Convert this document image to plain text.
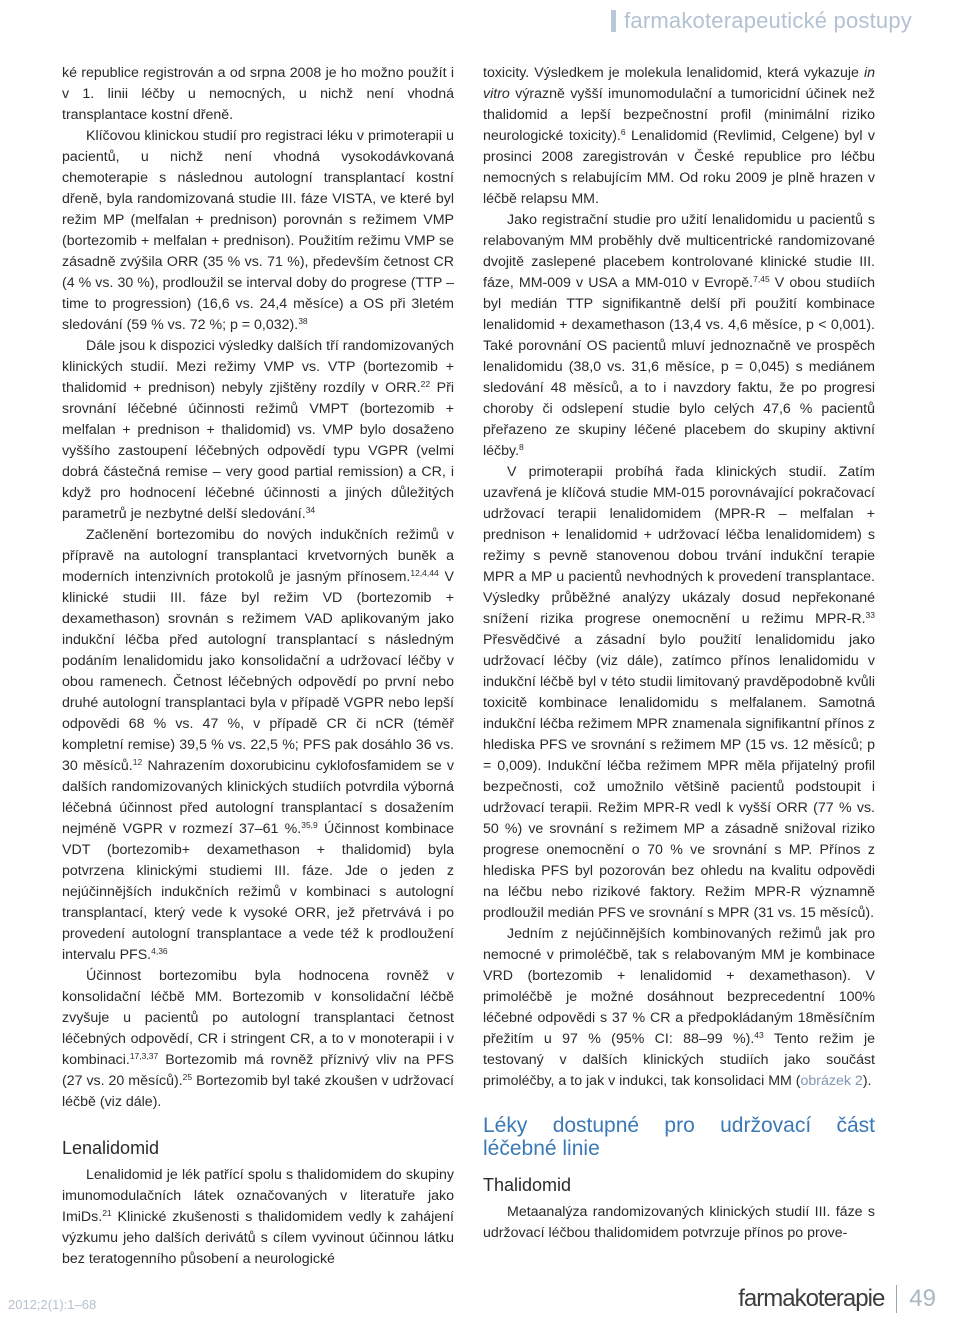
farmakoterapeutické postupy

ké republice registrován a od srpna 2008 je ho možno použít i v 1. linii léčby u nemocných, u nichž není vhodná transplantace kostní dřeně.

Klíčovou klinickou studií pro registraci léku v primoterapii u pacientů, u nichž není vhodná vysokodávkovaná chemoterapie s následnou autologní transplantací kostní dřeně, byla randomizovaná studie III. fáze VISTA, ve které byl režim MP (melfalan + prednison) porovnán s režimem VMP (bortezomib + melfalan + prednison). Použitím režimu VMP se zásadně zvýšila ORR (35 % vs. 71 %), především četnost CR (4 % vs. 30 %), prodloužil se interval doby do progrese (TTP – time to progression) (16,6 vs. 24,4 měsíce) a OS při 3letém sledování (59 % vs. 72 %; p = 0,032).$^{38}$

Dále jsou k dispozici výsledky dalších tří randomizovaných klinických studií. Mezi režimy VMP vs. VTP (bortezomib + thalidomid + prednison) nebyly zjištěny rozdíly v ORR.$^{22}$ Při srovnání léčebné účinnosti režimů VMPT (bortezomib + melfalan + prednison + thalidomid) vs. VMP bylo dosaženo vyššího zastoupení léčebných odpovědí typu VGPR (velmi dobrá částečná remise – very good partial remission) a CR, i když pro hodnocení léčebné účinnosti a jiných důležitých parametrů je nezbytné delší sledování.$^{34}$

Začlenění bortezomibu do nových indukčních režimů v přípravě na autologní transplantaci krvetvorných buněk a moderních intenzivních protokolů je jasným přínosem.$^{12,4,44}$ V klinické studii III. fáze byl režim VD (bortezomib + dexamethason) srovnán s režimem VAD aplikovaným jako indukční léčba před autologní transplantací s následným podáním lenalidomidu jako konsolidační a udržovací léčby v obou ramenech. Četnost léčebných odpovědí po první nebo druhé autologní transplantaci byla v případě VGPR nebo lepší odpovědi 68 % vs. 47 %, v případě CR či nCR (téměř kompletní remise) 39,5 % vs. 22,5 %; PFS pak dosáhlo 36 vs. 30 měsíců.$^{12}$ Nahrazením doxorubicinu cyklofosfamidem se v dalších randomizovaných klinických studiích potvrdila výborná léčebná účinnost před autologní transplantací s dosažením nejméně VGPR v rozmezí 37–61 %.$^{35,9}$ Účinnost kombinace VDT (bortezomib+ dexamethason + thalidomid) byla potvrzena klinickými studiemi III. fáze. Jde o jeden z nejúčinnějších indukčních režimů v kombinaci s autologní transplantací, který vede k vysoké ORR, jež přetrvává i po provedení autologní transplantace a vede též k prodloužení intervalu PFS.$^{4,36}$

Účinnost bortezomibu byla hodnocena rovněž v konsolidační léčbě MM. Bortezomib v konsolidační léčbě zvyšuje u pacientů po autologní transplantaci četnost léčebných odpovědí, CR i stringent CR, a to v monoterapii i v kombinaci.$^{17,3,37}$ Bortezomib má rovněž příznivý vliv na PFS (27 vs. 20 měsíců).$^{25}$ Bortezomib byl také zkoušen v udržovací léčbě (viz dále).

Lenalidomid

Lenalidomid je lék patřící spolu s thalidomidem do skupiny imunomodulačních látek označovaných v literatuře jako ImiDs.$^{21}$ Klinické zkušenosti s thalidomidem vedly k zahájení výzkumu jeho dalších derivátů s cílem vyvinout účinnou látku bez teratogenního působení a neurologické

toxicity. Výsledkem je molekula lenalidomid, která vykazuje in vitro výrazně vyšší imunomodulační a tumoricidní účinek než thalidomid a lepší bezpečnostní profil (minimální riziko neurologické toxicity).$^6$ Lenalidomid (Revlimid, Celgene) byl v prosinci 2008 zaregistrován v České republice pro léčbu nemocných s relabujícím MM. Od roku 2009 je plně hrazen v léčbě relapsu MM.

Jako registrační studie pro užití lenalidomidu u pacientů s relabovaným MM proběhly dvě multicentrické randomizované dvojitě zaslepené placebem kontrolované klinické studie III. fáze, MM-009 v USA a MM-010 v Evropě.$^{7,45}$ V obou studiích byl medián TTP signifikantně delší při použití kombinace lenalidomid + dexamethason (13,4 vs. 4,6 měsíce, p < 0,001). Také porovnání OS pacientů mluví jednoznačně ve prospěch lenalidomidu (38,0 vs. 31,6 měsíce, p = 0,045) s mediánem sledování 48 měsíců, a to i navzdory faktu, že po progresi choroby či odslepení studie bylo celých 47,6 % pacientů přeřazeno ze skupiny léčené placebem do skupiny aktivní léčby.$^8$

V primoterapii probíhá řada klinických studií. Zatím uzavřená je klíčová studie MM-015 porovnávající pokračovací udržovací terapii lenalidomidem (MPR-R – melfalan + prednison + lenalidomid + udržovací léčba lenalidomidem) s režimy s pevně stanovenou dobou trvání indukční terapie MPR a MP u pacientů nevhodných k provedení transplantace. Výsledky průběžné analýzy ukázaly dosud nepřekonané snížení rizika progrese onemocnění u režimu MPR-R.$^{33}$ Přesvědčivé a zásadní bylo použití lenalidomidu jako udržovací léčby (viz dále), zatímco přínos lenalidomidu v indukční léčbě byl v této studii limitovaný pravděpodobně kvůli toxicitě kombinace lenalidomidu s melfalanem. Samotná indukční léčba režimem MPR znamenala signifikantní přínos z hlediska PFS ve srovnání s režimem MP (15 vs. 12 měsíců; p = 0,009). Indukční léčba režimem MPR měla přijatelný profil bezpečnosti, což umožnilo většině pacientů podstoupit i udržovací terapii. Režim MPR-R vedl k vyšší ORR (77 % vs. 50 %) ve srovnání s režimem MP a zásadně snižoval riziko progrese onemocnění o 70 % ve srovnání s MP. Přínos z hlediska PFS byl pozorován bez ohledu na kvalitu odpovědi na léčbu nebo rizikové faktory. Režim MPR-R významně prodloužil medián PFS ve srovnání s MPR (31 vs. 15 měsíců).

Jedním z nejúčinnějších kombinovaných režimů jak pro nemocné v primoléčbě, tak s relabovaným MM je kombinace VRD (bortezomib + lenalidomid + dexamethason). V primoléčbě je možné dosáhnout bezprecedentní 100% léčebné odpovědi s 37 % CR a předpokládaným 18měsíčním přežitím u 97 % (95% CI: 88–99 %).$^{43}$ Tento režim je testovaný v dalších klinických studiích jako součást primoléčby, a to jak v indukci, tak konsolidaci MM (obrázek 2).

Léky dostupné pro udržovací část léčebné linie
Thalidomid

Metaanalýza randomizovaných klinických studií III. fáze s udržovací léčbou thalidomidem potvrzuje přínos po prove-

2012;2(1):1–68	farmakoterapie 49
